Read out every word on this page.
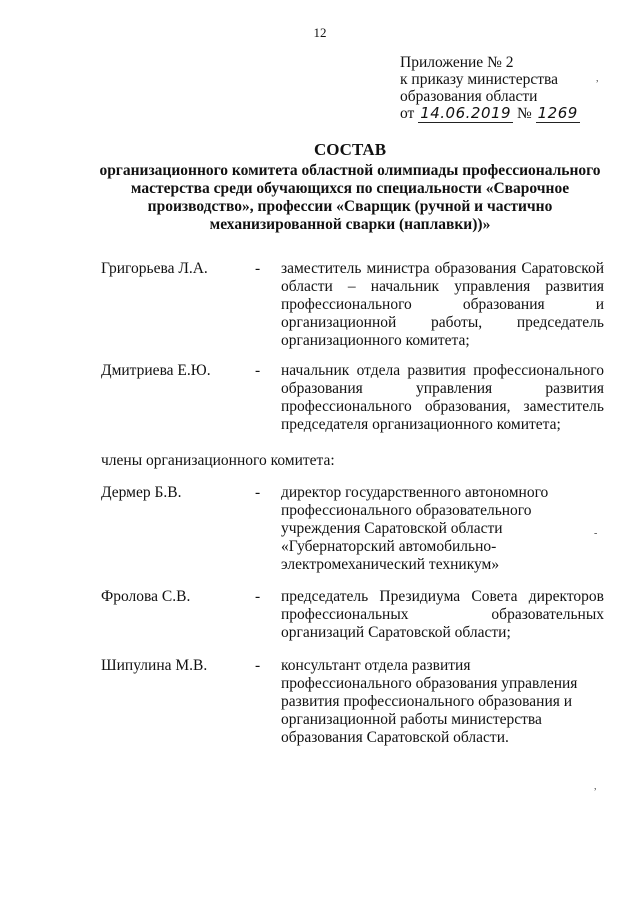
12
Приложение № 2
к приказу министерства
образования области
от 14.06.2019 № 1269
СОСТАВ
организационного комитета областной олимпиады профессионального
мастерства среди обучающихся по специальности «Сварочное
производство», профессии «Сварщик (ручной и частично
механизированной сварки (наплавки))»
Григорьева Л.А.	- заместитель министра образования Саратовской области – начальник управления развития профессионального образования и организационной работы, председатель организационного комитета;
Дмитриева Е.Ю.	- начальник отдела развития профессионального образования управления развития профессионального образования, заместитель председателя организационного комитета;
члены организационного комитета:
Дермер Б.В.	- директор государственного автономного профессионального образовательного учреждения Саратовской области «Губернаторский автомобильно-электромеханический техникум»
Фролова С.В.	- председатель Президиума Совета директоров профессиональных образовательных организаций Саратовской области;
Шипулина М.В.	- консультант отдела развития профессионального образования управления развития профессионального образования и организационной работы министерства образования Саратовской области.
,
-
,
